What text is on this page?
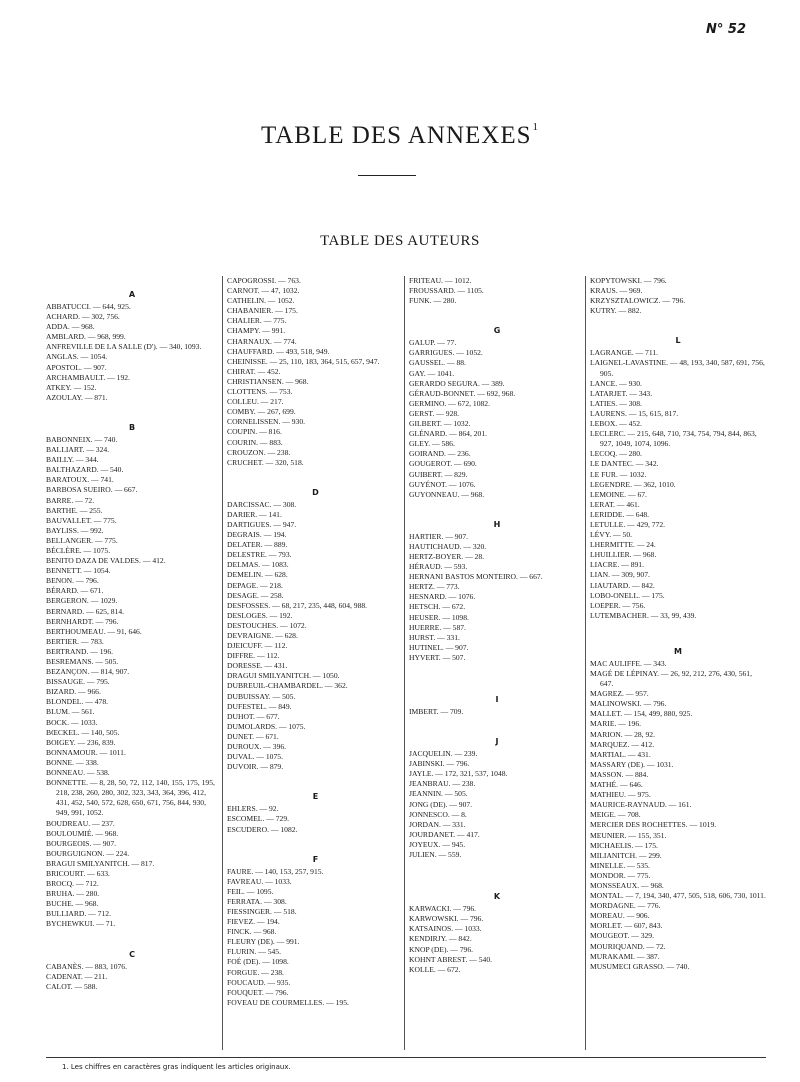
N° 52
TABLE DES ANNEXES$^1$
TABLE DES AUTEURS
A
ABBATUCCI. — 644, 925.
ACHARD. — 302, 756.
ADDA. — 968.
AMBLARD. — 968, 999.
ANFREVILLE DE LA SALLE (D'). — 340, 1093.
ANGLAS. — 1054.
APOSTOL. — 907.
ARCHAMBAULT. — 192.
ATKEY. — 152.
AZOULAY. — 871.
B
BABONNEIX. — 740.
BALLIART. — 324.
BAILLY. — 344.
BALTHAZARD. — 540.
BARATOUX. — 741.
BARBOSA SUEIRO. — 667.
BARRE. — 72.
BARTHE. — 255.
BAUVALLET. — 775.
BAYLISS. — 992.
BELLANGER. — 775.
BÉCLÈRE. — 1075.
BENITO DAZA DE VALDES. — 412.
BENNETT. — 1054.
BENON. — 796.
BÉRARD. — 671.
BERGERON. — 1029.
BERNARD. — 625, 814.
BERNHARDT. — 796.
BERTHOUMEAU. — 91, 646.
BERTIER. — 783.
BERTRAND. — 196.
BESREMANS. — 505.
BEZANÇON. — 814, 907.
BISSAUGE. — 795.
BIZARD. — 966.
BLONDEL. — 478.
BLUM. — 561.
BOCK. — 1033.
BŒCKEL. — 140, 505.
BOIGEY. — 236, 839.
BONNAMOUR. — 1011.
BONNE. — 338.
BONNEAU. — 538.
BONNETTE. — 8, 28, 50, 72, 112, 140, 155, 175, 195, 218, 238, 260, 280, 302, 323, 343, 364, 396, 412, 431, 452, 540, 572, 628, 650, 671, 756, 844, 930, 949, 991, 1052.
BOUDREAU. — 237.
BOULOUMIÉ. — 968.
BOURGEOIS. — 907.
BOURGUIGNON. — 224.
BRAGUI SMILYANITCH. — 817.
BRICOURT. — 633.
BROCQ. — 712.
BRUHA. — 280.
BUCHE. — 968.
BULLIARD. — 712.
BYCHEWKUI. — 71.
C
CABANÈS. — 883, 1076.
CADENAT. — 211.
CALOT. — 588.
CAPOGROSSI. — 763.
CARNOT. — 47, 1032.
CATHELIN. — 1052.
CHABANIER. — 175.
CHALIER. — 775.
CHAMPY. — 991.
CHARNAUX. — 774.
CHAUFFARD. — 493, 518, 949.
CHEINISSE. — 25, 110, 183, 364, 515, 657, 947.
CHIRAT. — 452.
CHRISTIANSEN. — 968.
CLOTTENS. — 753.
COLLEU. — 217.
COMBY. — 267, 699.
CORNELISSEN. — 930.
COUPIN. — 816.
COURIN. — 883.
CROUZON. — 238.
CRUCHET. — 320, 518.
D
DARCISSAC. — 308.
DARIER. — 141.
DARTIGUES. — 947.
DEGRAIS. — 194.
DELATER. — 889.
DELESTRE. — 793.
DELMAS. — 1083.
DEMELIN. — 628.
DEPAGE. — 218.
DESAGE. — 258.
DESFOSSES. — 68, 217, 235, 448, 604, 988.
DESLOGES. — 192.
DESTOUCHES. — 1072.
DEVRAIGNE. — 628.
DJEICUFF. — 112.
DIFFRE. — 112.
DORESSE. — 431.
DRAGUI SMILYANITCH. — 1050.
DUBREUIL-CHAMBARDEL. — 362.
DUBUISSAY. — 505.
DUFESTEL. — 849.
DUHOT. — 677.
DUMOLARDS. — 1075.
DUNET. — 671.
DUROUX. — 396.
DUVAL. — 1075.
DUVOIR. — 879.
E
EHLERS. — 92.
ESCOMEL. — 729.
ESCUDERO. — 1082.
F
FAURE. — 140, 153, 257, 915.
FAVREAU. — 1033.
FEIL. — 1095.
FERRATA. — 308.
FIESSINGER. — 518.
FIEVEZ. — 194.
FINCK. — 968.
FLEURY (DE). — 991.
FLURIN. — 545.
FOÉ (DE). — 1098.
FORGUE. — 238.
FOUCAUD. — 935.
FOUQUET. — 796.
FOVEAU DE COURMELLES. — 195.
FRITEAU. — 1012.
FROUSSARD. — 1105.
FUNK. — 280.
G
GALUP. — 77.
GARRIGUES. — 1052.
GAUSSEL. — 88.
GAY. — 1041.
GERARDO SEGURA. — 389.
GÉRAUD-BONNET. — 692, 968.
GERMINO. — 672, 1082.
GERST. — 928.
GILBERT. — 1032.
GLÉNARD. — 864, 201.
GLEY. — 586.
GOIRAND. — 236.
GOUGEROT. — 690.
GUIBERT. — 829.
GUYÉNOT. — 1076.
GUYONNEAU. — 968.
H
HARTIER. — 907.
HAUTICHAUD. — 320.
HERTZ-BOYER. — 28.
HÉRAUD. — 593.
HERNANI BASTOS MONTEIRO. — 667.
HERTZ. — 773.
HESNARD. — 1076.
HETSCH. — 672.
HEUSER. — 1098.
HUERRE. — 587.
HURST. — 331.
HUTINEL. — 907.
HYVERT. — 507.
I
IMBERT. — 709.
J
JACQUELIN. — 239.
JABINSKI. — 796.
JAYLE. — 172, 321, 537, 1048.
JEANBRAU. — 238.
JEANNIN. — 505.
JONG (DE). — 907.
JONNESCO. — 8.
JORDAN. — 331.
JOURDANET. — 417.
JOYEUX. — 945.
JULIEN. — 559.
K
KARWACKI. — 796.
KARWOWSKI. — 796.
KATSAINOS. — 1033.
KENDIRJY. — 842.
KNOP (DE). — 796.
KOHNT ABREST. — 540.
KOLLE. — 672.
KOPYTOWSKI. — 796.
KRAUS. — 969.
KRZYSZTALOWICZ. — 796.
KUTRY. — 882.
L
LAGRANGE. — 711.
LAIGNEL-LAVASTINE. — 48, 193, 340, 587, 691, 756, 905.
LANCE. — 930.
LATARJET. — 343.
LATIES. — 308.
LAURENS. — 15, 615, 817.
LEBOX. — 452.
LECLERC. — 215, 648, 710, 734, 754, 794, 844, 863, 927, 1049, 1074, 1096.
LECOQ. — 280.
LE DANTEC. — 342.
LE FUR. — 1032.
LEGENDRE. — 362, 1010.
LEMOINE. — 67.
LERAT. — 461.
LERIDDE. — 648.
LETULLE. — 429, 772.
LÉVY. — 50.
LHERMITTE. — 24.
LHUILLIER. — 968.
LIACRE. — 891.
LIAN. — 309, 907.
LIAUTARD. — 842.
LOBO-ONELL. — 175.
LOEPER. — 756.
LUTEMBACHER. — 33, 99, 439.
M
MAC AULIFFE. — 343.
MAGÉ DE LÉPINAY. — 26, 92, 212, 276, 430, 561, 647.
MAGREZ. — 957.
MALINOWSKI. — 796.
MALLET. — 154, 499, 880, 925.
MARIE. — 196.
MARION. — 28, 92.
MARQUEZ. — 412.
MARTIAL. — 431.
MASSARY (DE). — 1031.
MASSON. — 884.
MATHÉ. — 646.
MATHIEU. — 975.
MAURICE-RAYNAUD. — 161.
MEIGE. — 708.
MERCIER DES ROCHETTES. — 1019.
MEUNIER. — 155, 351.
MICHAELIS. — 175.
MILIANITCH. — 299.
MINELLE. — 535.
MONDOR. — 775.
MONSSEAUX. — 968.
MONTAL. — 7, 194, 340, 477, 505, 518, 606, 730, 1011.
MORDAGNE. — 776.
MOREAU. — 906.
MORLET. — 607, 843.
MOUGEOT. — 329.
MOURIQUAND. — 72.
MURAKAMI. — 387.
MUSUMECI GRASSO. — 740.
1. Les chiffres en caractères gras indiquent les articles originaux.
